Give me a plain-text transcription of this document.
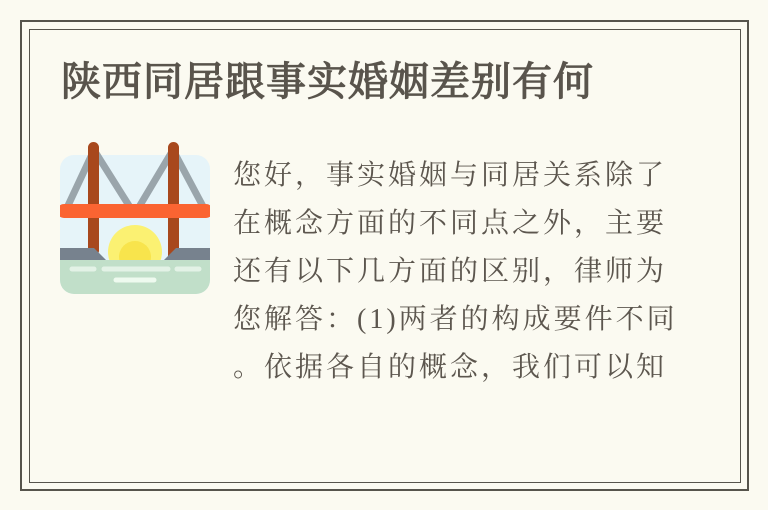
陕西同居跟事实婚姻差别有何
您好，事实婚姻与同居关系除了
在概念方面的不同点之外，主要
还有以下几方面的区别，律师为
您解答：(1)两者的构成要件不同
。依据各自的概念，我们可以知
